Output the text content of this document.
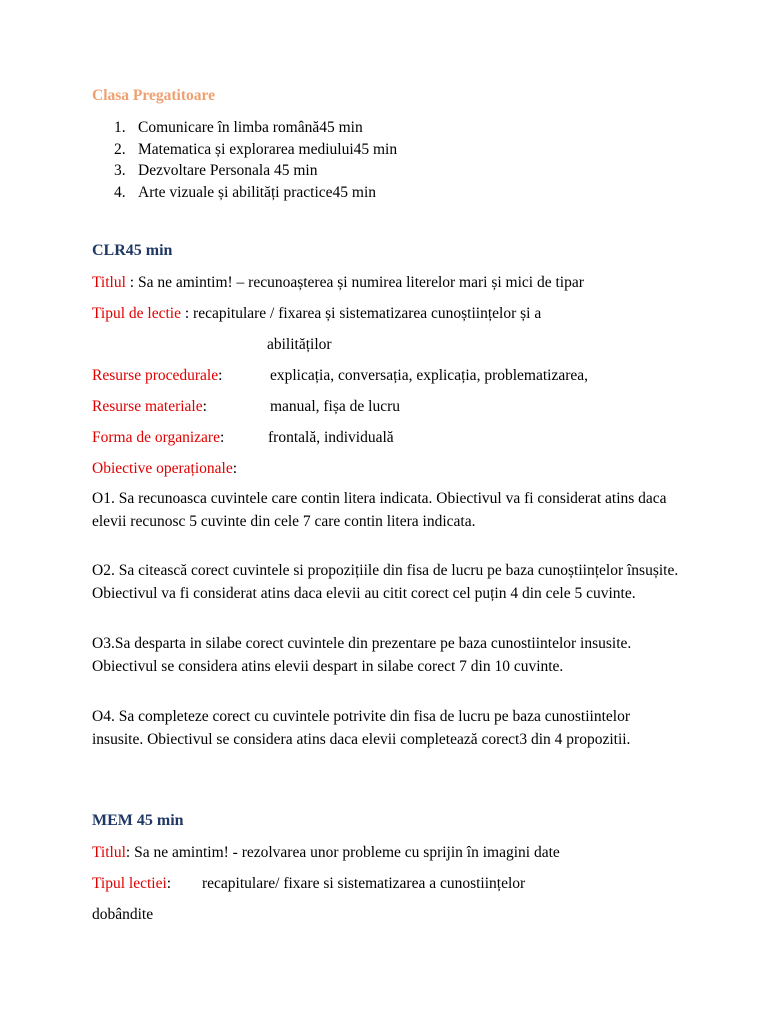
Clasa Pregatitoare
1. Comunicare în limba română45 min
2. Matematica și explorarea mediului45 min
3. Dezvoltare Personala 45 min
4. Arte vizuale și abilități practice45 min
CLR45 min
Titlul : Sa ne amintim! – recunoașterea și numirea literelor mari și mici de tipar
Tipul de lectie : recapitulare / fixarea și sistematizarea cunoștiințelor și a
abilităților
Resurse procedurale:	explicația, conversația, explicația, problematizarea,
Resurse materiale:	manual, fișa de lucru
Forma de organizare:	frontală, individuală
Obiective operaționale:
O1. Sa recunoasca cuvintele care contin litera indicata. Obiectivul va fi considerat atins daca elevii recunosc 5 cuvinte din cele 7 care contin litera indicata.
O2. Sa citească corect cuvintele si propozițiile din fisa de lucru pe baza cunoștiințelor însușite. Obiectivul va fi considerat atins daca elevii au citit corect cel puțin 4 din cele 5 cuvinte.
O3.Sa desparta in silabe corect cuvintele din prezentare pe baza cunostiintelor insusite. Obiectivul se considera atins elevii despart in silabe corect 7 din 10 cuvinte.
O4. Sa completeze corect cu cuvintele potrivite din fisa de lucru pe baza cunostiintelor insusite. Obiectivul se considera atins daca elevii completează corect3 din 4 propozitii.
MEM 45 min
Titlul: Sa ne amintim! - rezolvarea unor probleme cu sprijin în imagini date
Tipul lectiei: recapitulare/ fixare si sistematizarea a cunostiințelor
dobândite
